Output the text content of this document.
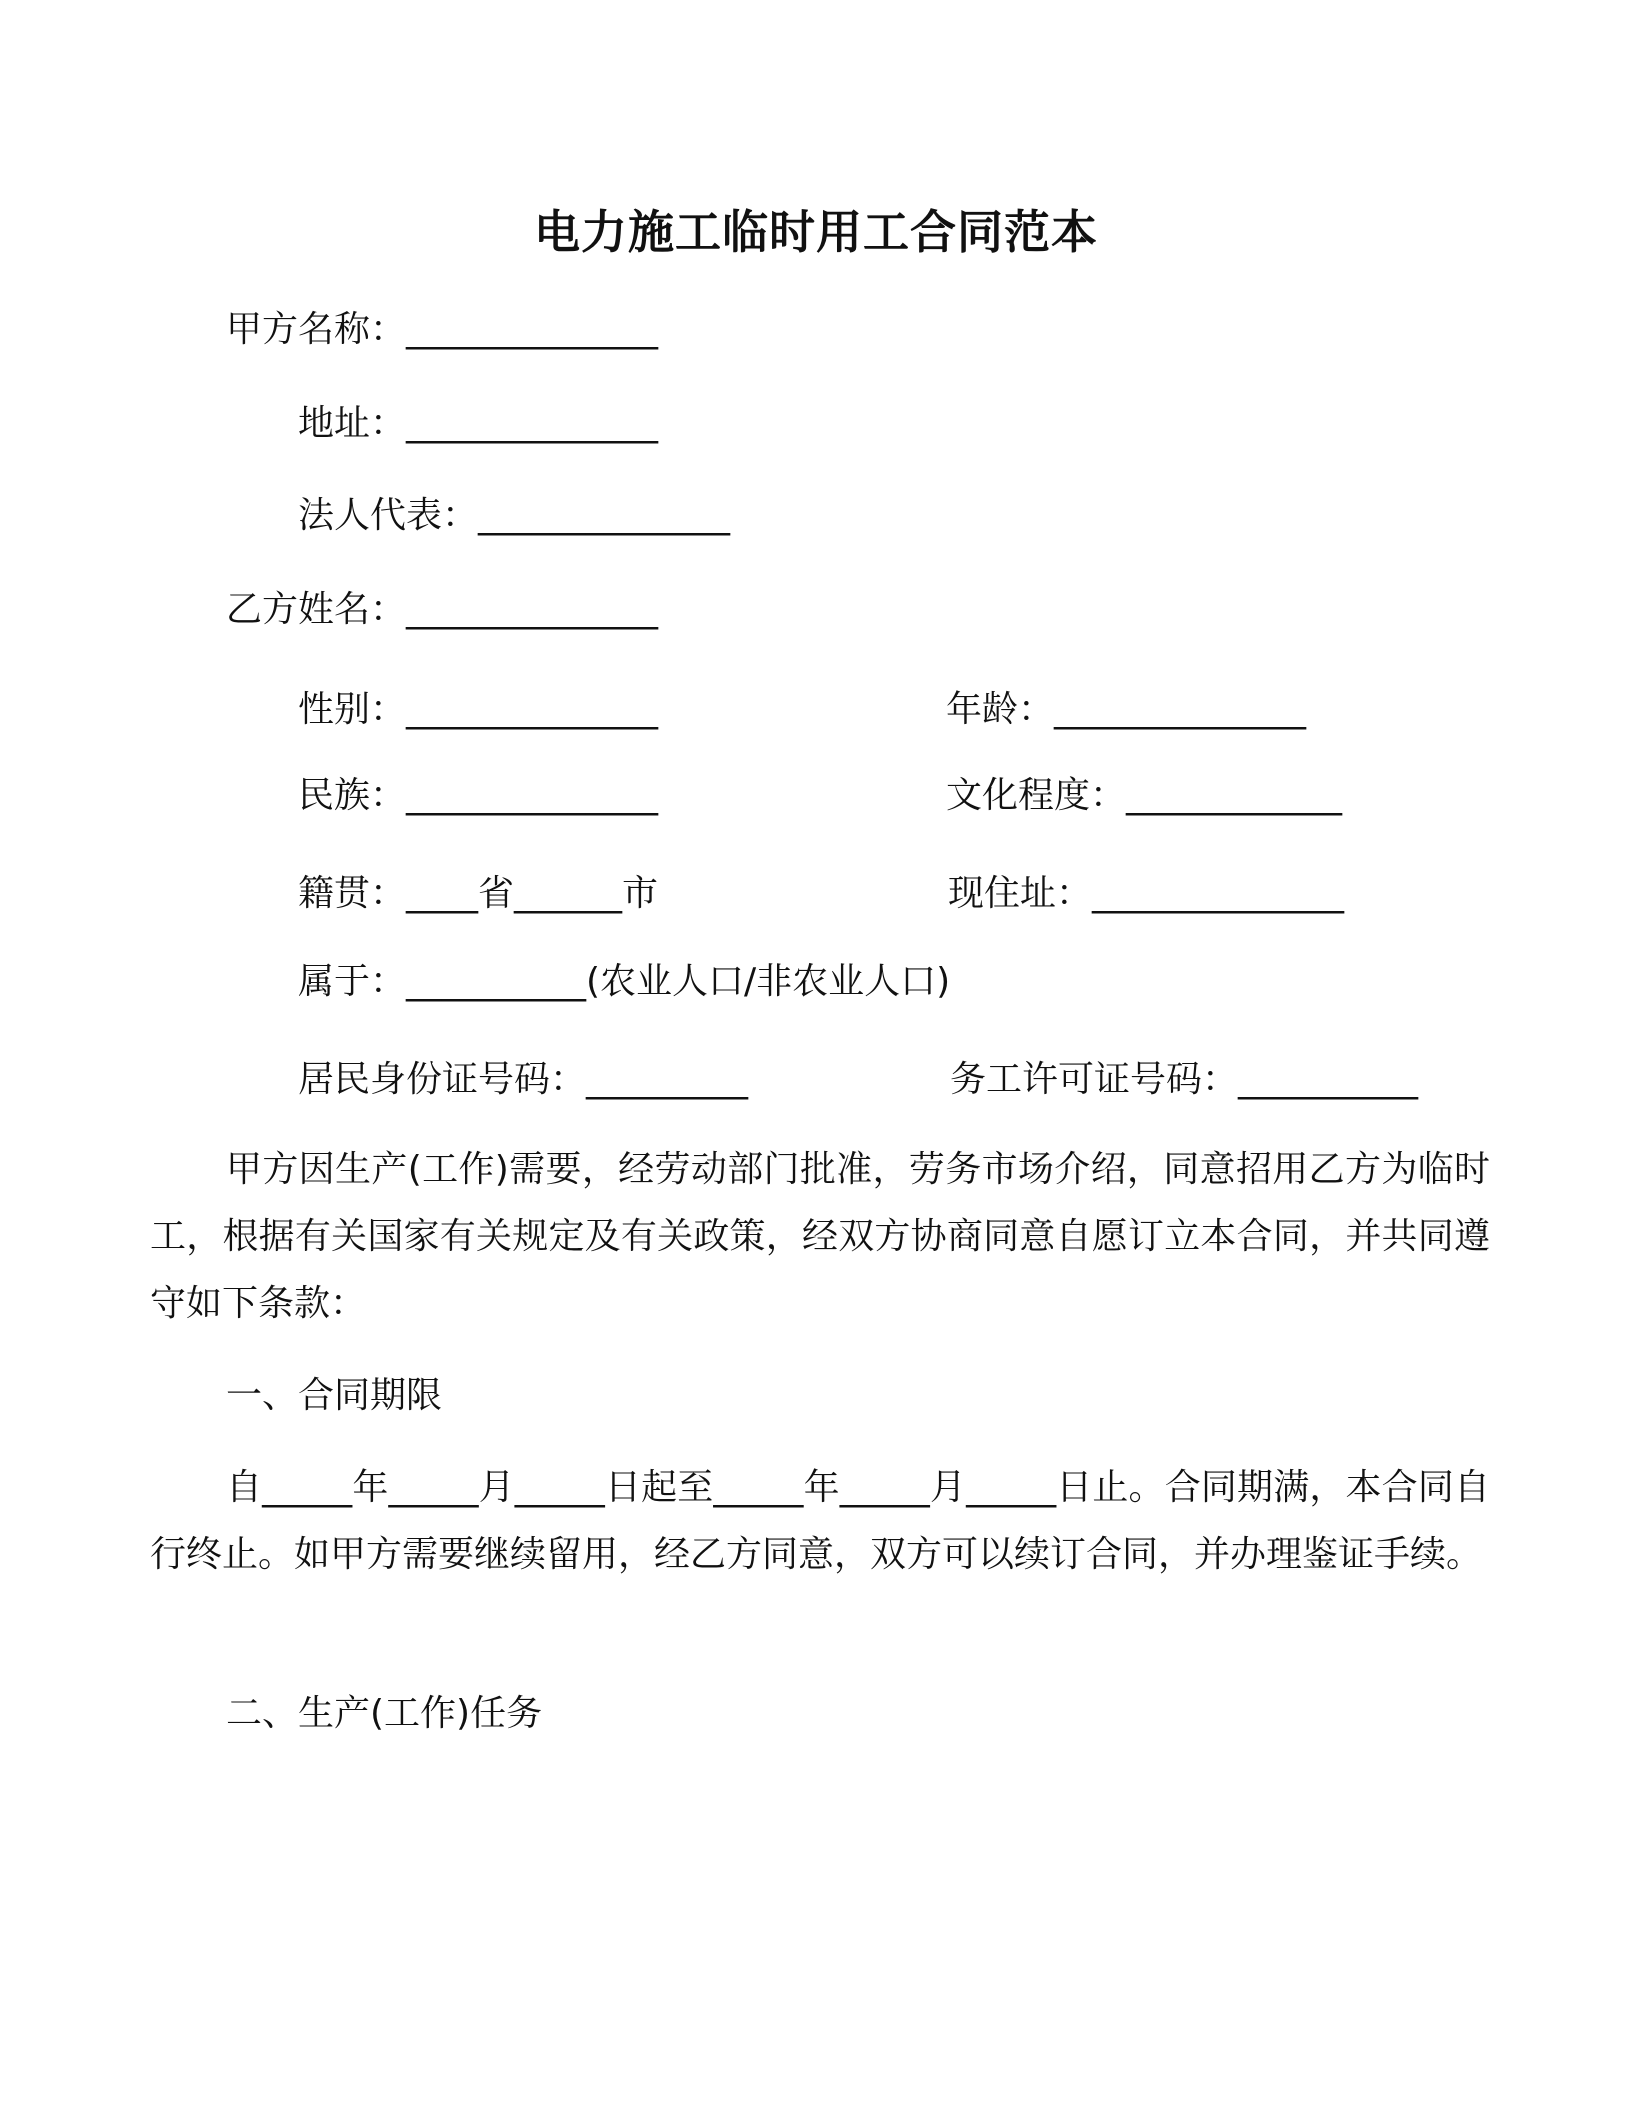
电力施工临时用工合同范本
甲方名称：______________
地址：______________
法人代表：______________
乙方姓名：______________
性别：______________	年龄：______________
民族：______________	文化程度：____________
籍贯：____省______市	现住址：______________
属于：__________(农业人口/非农业人口)
居民身份证号码：_________	务工许可证号码：__________

甲方因生产(工作)需要，经劳动部门批准，劳务市场介绍，同意招用乙方为临时工，根据有关国家有关规定及有关政策，经双方协商同意自愿订立本合同，并共同遵守如下条款：

一、合同期限

自_____年_____月_____日起至_____年_____月_____日止。合同期满，本合同自行终止。如甲方需要继续留用，经乙方同意，双方可以续订合同，并办理鉴证手续。

二、生产(工作)任务
